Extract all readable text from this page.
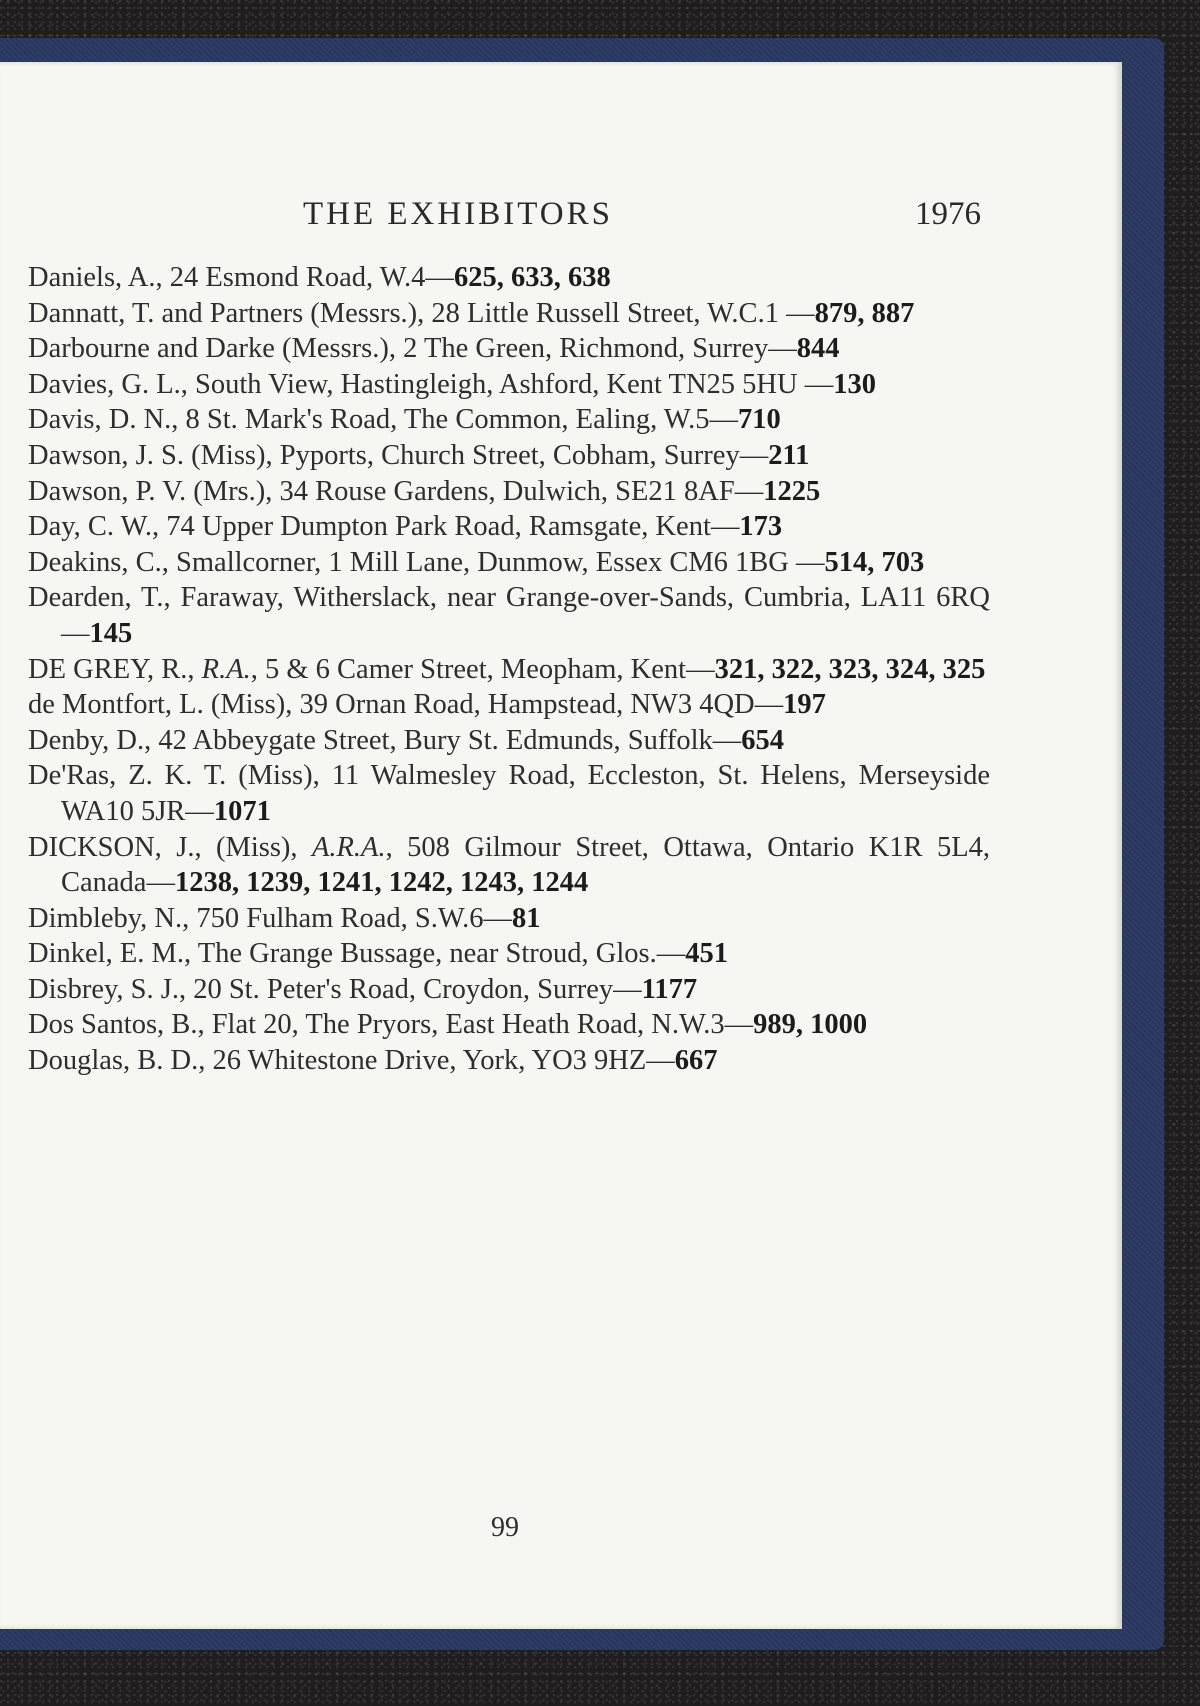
THE EXHIBITORS	1976
Daniels, A., 24 Esmond Road, W.4—625, 633, 638
Dannatt, T. and Partners (Messrs.), 28 Little Russell Street, W.C.1 —879, 887
Darbourne and Darke (Messrs.), 2 The Green, Richmond, Surrey—844
Davies, G. L., South View, Hastingleigh, Ashford, Kent TN25 5HU —130
Davis, D. N., 8 St. Mark's Road, The Common, Ealing, W.5—710
Dawson, J. S. (Miss), Pyports, Church Street, Cobham, Surrey—211
Dawson, P. V. (Mrs.), 34 Rouse Gardens, Dulwich, SE21 8AF—1225
Day, C. W., 74 Upper Dumpton Park Road, Ramsgate, Kent—173
Deakins, C., Smallcorner, 1 Mill Lane, Dunmow, Essex CM6 1BG —514, 703
Dearden, T., Faraway, Witherslack, near Grange-over-Sands, Cumbria, LA11 6RQ—145
DE GREY, R., R.A., 5 & 6 Camer Street, Meopham, Kent—321, 322, 323, 324, 325
de Montfort, L. (Miss), 39 Ornan Road, Hampstead, NW3 4QD—197
Denby, D., 42 Abbeygate Street, Bury St. Edmunds, Suffolk—654
De'Ras, Z. K. T. (Miss), 11 Walmesley Road, Eccleston, St. Helens, Merseyside WA10 5JR—1071
DICKSON, J., (Miss), A.R.A., 508 Gilmour Street, Ottawa, Ontario K1R 5L4, Canada—1238, 1239, 1241, 1242, 1243, 1244
Dimbleby, N., 750 Fulham Road, S.W.6—81
Dinkel, E. M., The Grange Bussage, near Stroud, Glos.—451
Disbrey, S. J., 20 St. Peter's Road, Croydon, Surrey—1177
Dos Santos, B., Flat 20, The Pryors, East Heath Road, N.W.3—989, 1000
Douglas, B. D., 26 Whitestone Drive, York, YO3 9HZ—667
99
